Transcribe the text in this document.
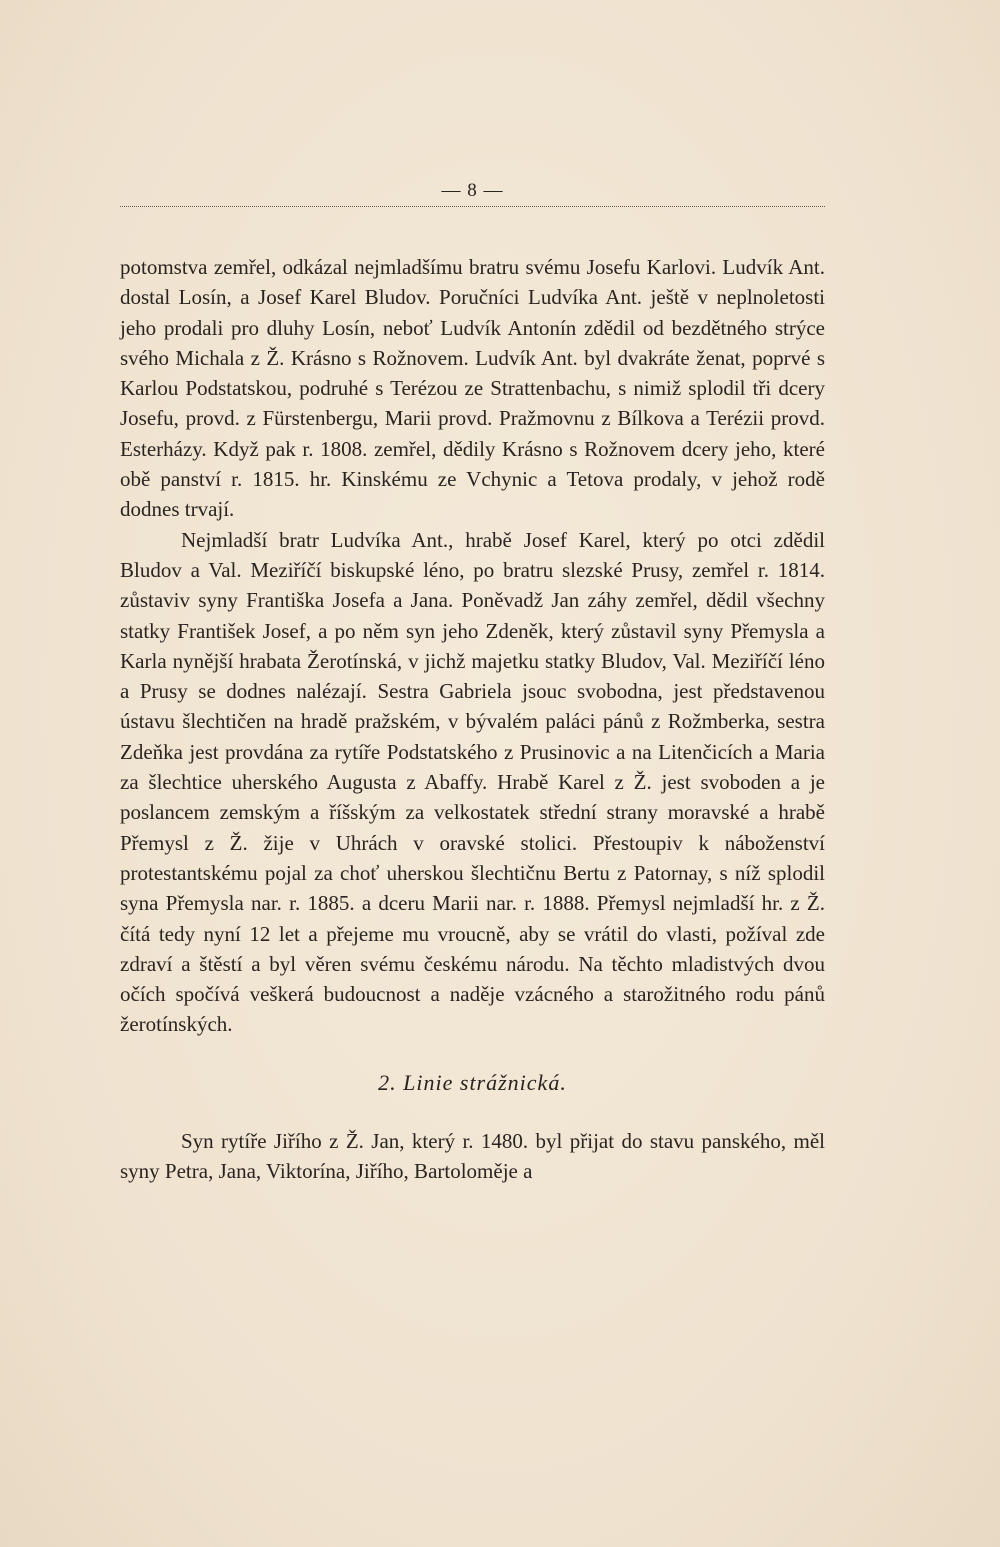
— 8 —

potomstva zemřel, odkázal nejmladšímu bratru svému Josefu Karlovi. Ludvík Ant. dostal Losín, a Josef Karel Bludov. Poručníci Ludvíka Ant. ještě v neplnoletosti jeho prodali pro dluhy Losín, neboť Ludvík Antonín zdědil od bezdětného strýce svého Michala z Ž. Krásno s Rožnovem. Ludvík Ant. byl dvakráte ženat, poprvé s Karlou Podstatskou, podruhé s Terézou ze Strattenbachu, s nimiž splodil tři dcery Josefu, provd. z Fürstenbergu, Marii provd. Pražmovnu z Bílkova a Terézii provd. Esterházy. Když pak r. 1808. zemřel, dědily Krásno s Rožnovem dcery jeho, které obě panství r. 1815. hr. Kinskému ze Vchynic a Tetova prodaly, v jehož rodě dodnes trvají.

Nejmladší bratr Ludvíka Ant., hrabě Josef Karel, který po otci zdědil Bludov a Val. Meziříčí biskupské léno, po bratru slezské Prusy, zemřel r. 1814. zůstaviv syny Františka Josefa a Jana. Poněvadž Jan záhy zemřel, dědil všechny statky František Josef, a po něm syn jeho Zdeněk, který zůstavil syny Přemysla a Karla nynější hrabata Žerotínská, v jichž majetku statky Bludov, Val. Meziříčí léno a Prusy se dodnes nalézají. Sestra Gabriela jsouc svobodna, jest představenou ústavu šlechtičen na hradě pražském, v bývalém paláci pánů z Rožmberka, sestra Zdeňka jest provdána za rytíře Podstatského z Prusinovic a na Litenčicích a Maria za šlechtice uherského Augusta z Abaffy. Hrabě Karel z Ž. jest svoboden a je poslancem zemským a říšským za velkostatek střední strany moravské a hrabě Přemysl z Ž. žije v Uhrách v oravské stolici. Přestoupiv k náboženství protestantskému pojal za choť uherskou šlechtičnu Bertu z Patornay, s níž splodil syna Přemysla nar. r. 1885. a dceru Marii nar. r. 1888. Přemysl nejmladší hr. z Ž. čítá tedy nyní 12 let a přejeme mu vroucně, aby se vrátil do vlasti, požíval zde zdraví a štěstí a byl věren svému českému národu. Na těchto mladistvých dvou očích spočívá veškerá budoucnost a naděje vzácného a starožitného rodu pánů žerotínských.

2. Linie strážnická.

Syn rytíře Jiřího z Ž. Jan, který r. 1480. byl přijat do stavu panského, měl syny Petra, Jana, Viktorína, Jiřího, Bartoloměje a
